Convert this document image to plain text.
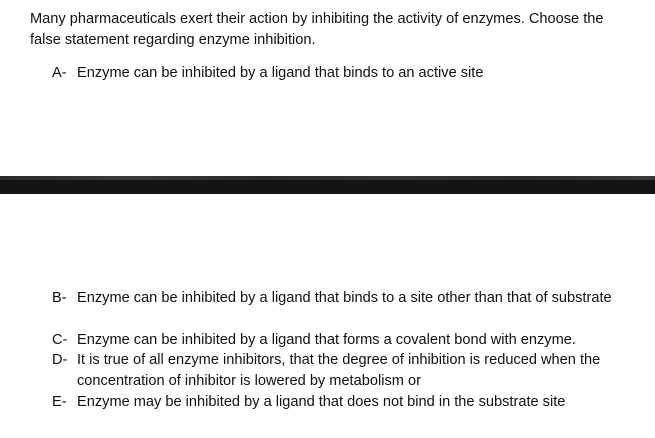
Many pharmaceuticals exert their action by inhibiting the activity of enzymes. Choose the false statement regarding enzyme inhibition.
A- Enzyme can be inhibited by a ligand that binds to an active site
B- Enzyme can be inhibited by a ligand that binds to a site other than that of substrate
C- Enzyme can be inhibited by a ligand that forms a covalent bond with enzyme.
D- It is true of all enzyme inhibitors, that the degree of inhibition is reduced when the concentration of inhibitor is lowered by metabolism or
E- Enzyme may be inhibited by a ligand that does not bind in the substrate site
